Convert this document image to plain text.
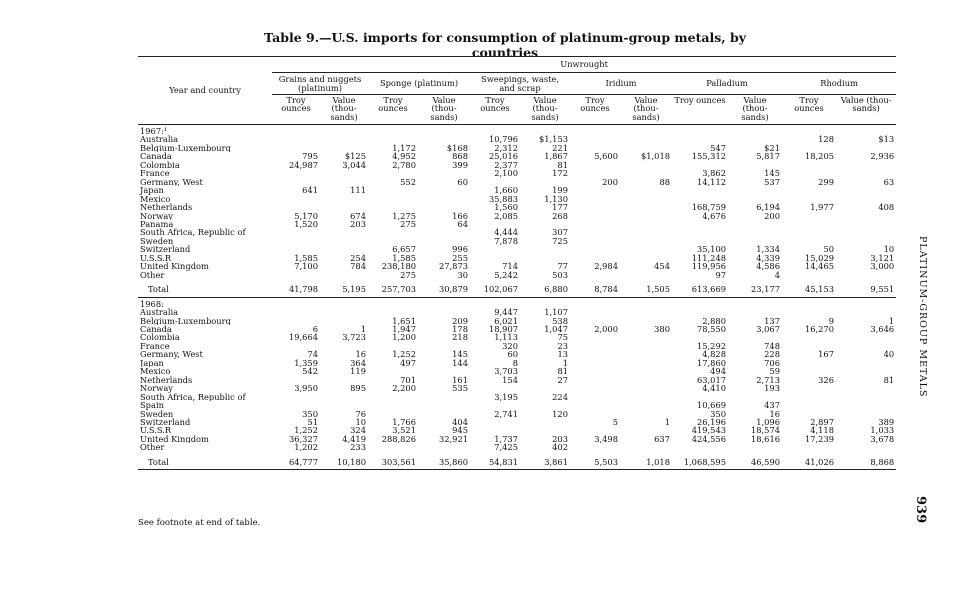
Table 9.—U.S. imports for consumption of platinum-group metals, by countries
Year and country	Unwrought											
	Grains and nuggets (platinum)		Sponge (platinum)		Sweepings, waste, and scrap		Iridium		Palladium		Rhodium	
	Troy ounces	Value (thou- sands)	Troy ounces	Value (thou- sands)	Troy ounces	Value (thou- sands)	Troy ounces	Value (thou- sands)	Troy ounces	Value (thou- sands)	Troy ounces	Value (thou- sands)
1967:¹												
Australia					10,796	$1,153					128	$13
Belgium-Luxembourg			1,172	$168	2,312	221			547	$21		
Canada	795	$125	4,952	868	25,016	1,867	5,600	$1,018	155,312	5,817	18,205	2,936
Colombia	24,987	3,044	2,780	399	2,377	81						
France					2,100	172			3,862	145		
Germany, West			552	60			200	88	14,112	537	299	63
Japan	641	111			1,660	199						
Mexico					35,883	1,130						
Netherlands					1,560	177			168,759	6,194	1,977	408
Norway	5,170	674	1,275	166	2,085	268			4,676	200		
Panama	1,520	203	275	64								
South Africa, Republic of					4,444	307						
Sweden					7,878	725						
Switzerland			6,657	996					35,100	1,334	50	10
U.S.S.R	1,585	254	1,585	255					111,248	4,339	15,029	3,121
United Kingdom	7,100	784	238,180	27,873	714	77	2,984	454	119,956	4,586	14,465	3,000
Other			275	30	5,242	503			97	4		
Total	41,798	5,195	257,703	30,879	102,067	6,880	8,784	1,505	613,669	23,177	45,153	9,551
1968:												
Australia					9,447	1,107						
Belgium-Luxembourg			1,651	209	6,021	538			2,880	137	9	1
Canada	6	1	1,947	178	18,907	1,047	2,000	380	78,550	3,067	16,270	3,646
Colombia	19,664	3,723	1,200	218	1,113	75						
France					320	23			15,292	748		
Germany, West	74	16	1,252	145	60	13			4,828	228	167	40
Japan	1,359	364	497	144	8	1			17,860	706		
Mexico	542	119			3,703	81			494	59		
Netherlands			701	161	154	27			63,017	2,713	326	81
Norway	3,950	895	2,200	535					4,410	193		
South Africa, Republic of					3,195	224						
Spain									10,669	437		
Sweden	350	76			2,741	120			350	16		
Switzerland	51	10	1,766	404			5	1	26,196	1,096	2,897	389
U.S.S.R	1,252	324	3,521	945					419,543	18,574	4,118	1,033
United Kingdom	36,327	4,419	288,826	32,921	1,737	203	3,498	637	424,556	18,616	17,239	3,678
Other	1,202	233			7,425	402						
Total	64,777	10,180	303,561	35,860	54,831	3,861	5,503	1,018	1,068,595	46,590	41,026	8,868
See footnote at end of table.
PLATINUM-GROUP METALS
939
